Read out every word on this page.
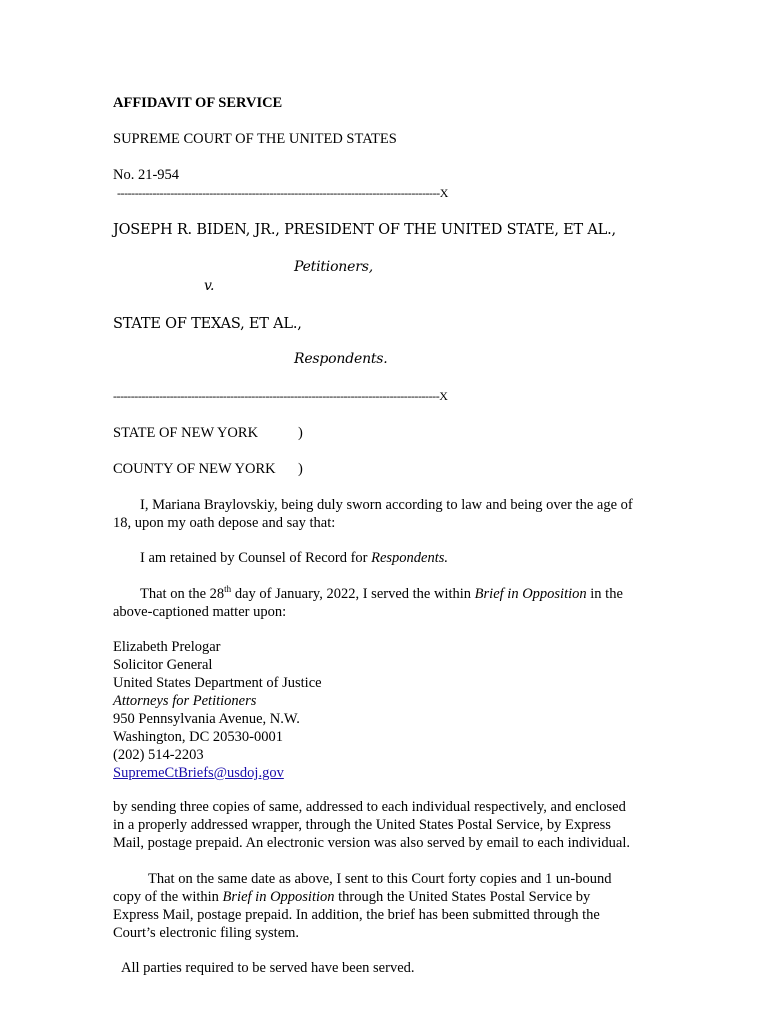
AFFIDAVIT OF SERVICE
SUPREME COURT OF THE UNITED STATES
No. 21-954
-------------------------------------------------------------------------------------------X
JOSEPH R. BIDEN, JR., PRESIDENT OF THE UNITED STATE, ET AL.,
Petitioners,
v.
STATE OF TEXAS, ET AL.,
Respondents.
--------------------------------------------------------------------------------------------X
STATE OF NEW YORK	)
COUNTY OF NEW YORK )
I, Mariana Braylovskiy, being duly sworn according to law and being over the age of
18, upon my oath depose and say that:
I am retained by Counsel of Record for Respondents.
That on the 28th day of January, 2022, I served the within Brief in Opposition in the
above-captioned matter upon:
Elizabeth Prelogar
Solicitor General
United States Department of Justice
Attorneys for Petitioners
950 Pennsylvania Avenue, N.W.
Washington, DC 20530-0001
(202) 514-2203
SupremeCtBriefs@usdoj.gov
by sending three copies of same, addressed to each individual respectively, and enclosed
in a properly addressed wrapper, through the United States Postal Service, by Express
Mail, postage prepaid. An electronic version was also served by email to each individual.
That on the same date as above, I sent to this Court forty copies and 1 un-bound
copy of the within Brief in Opposition through the United States Postal Service by
Express Mail, postage prepaid. In addition, the brief has been submitted through the
Court’s electronic filing system.
All parties required to be served have been served.
